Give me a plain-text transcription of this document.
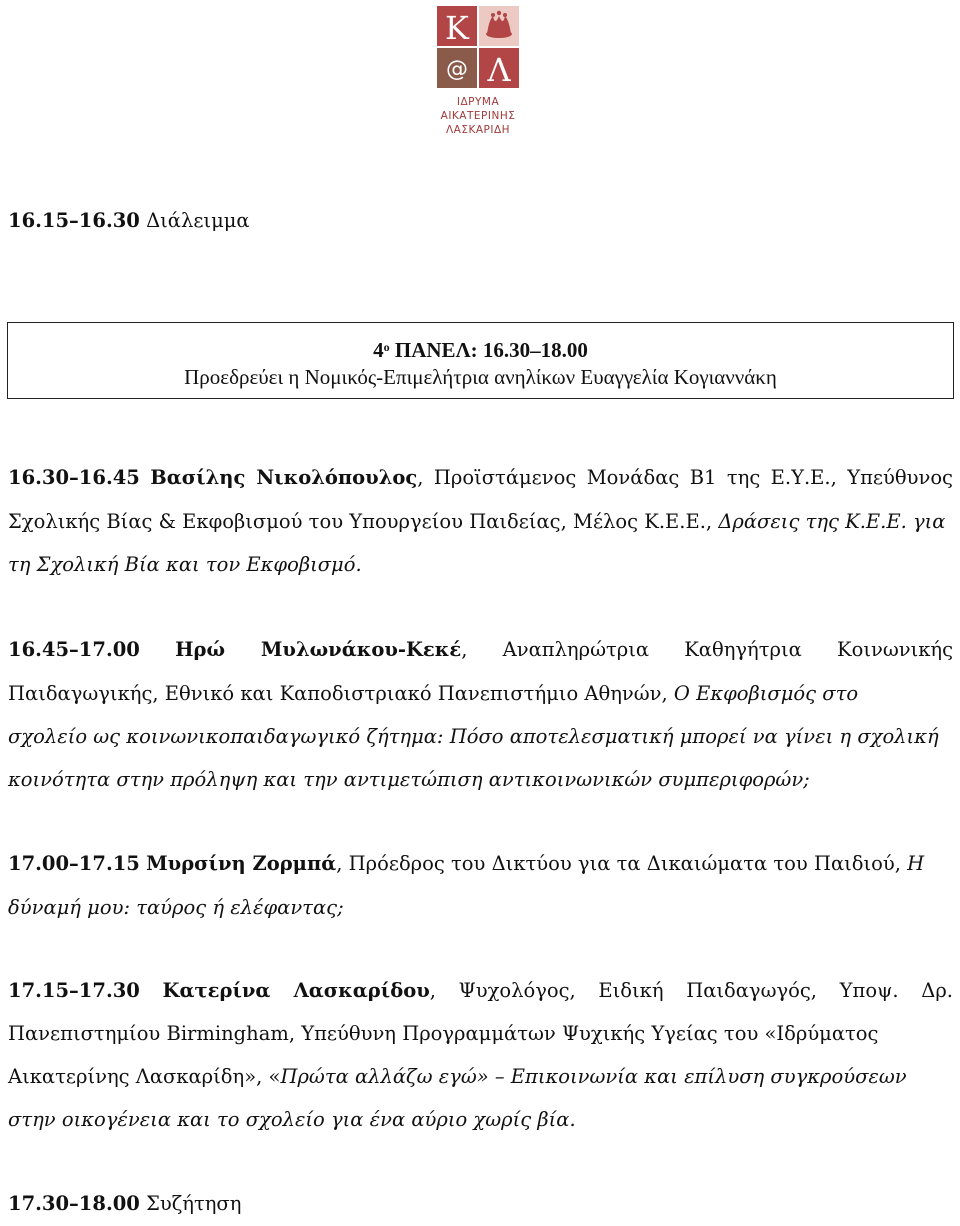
Κ
@ Λ
ΙΔΡΥΜΑ
ΑΙΚΑΤΕΡΙΝΗΣ
ΛΑΣΚΑΡΙΔΗ

16.15–16.30 Διάλειμμα

$4^o$ ΠΑΝΕΛ: 16.30–18.00
Προεδρεύει η Νομικός-Επιμελήτρια ανηλίκων Ευαγγελία Κογιαννάκη

16.30–16.45 Βασίλης Νικολόπουλος, Προϊστάμενος Μονάδας Β1 της Ε.Υ.Ε., Υπεύθυνος

Σχολικής Βίας & Εκφοβισμού του Υπουργείου Παιδείας, Μέλος Κ.Ε.Ε., Δράσεις της Κ.Ε.Ε. για

τη Σχολική Βία και τον Εκφοβισμό.

16.45–17.00 Ηρώ Μυλωνάκου-Κεκέ, Αναπληρώτρια Καθηγήτρια Κοινωνικής

Παιδαγωγικής, Εθνικό και Καποδιστριακό Πανεπιστήμιο Αθηνών, Ο Εκφοβισμός στο

σχολείο ως κοινωνικοπαιδαγωγικό ζήτημα: Πόσο αποτελεσματική μπορεί να γίνει η σχολική

κοινότητα στην πρόληψη και την αντιμετώπιση αντικοινωνικών συμπεριφορών;

17.00–17.15 Μυρσίνη Ζορμπά, Πρόεδρος του Δικτύου για τα Δικαιώματα του Παιδιού, Η

δύναμή μου: ταύρος ή ελέφαντας;

17.15–17.30 Κατερίνα Λασκαρίδου, Ψυχολόγος, Ειδική Παιδαγωγός, Υποψ. Δρ.

Πανεπιστημίου Birmingham, Υπεύθυνη Προγραμμάτων Ψυχικής Υγείας του «Ιδρύματος

Αικατερίνης Λασκαρίδη», «Πρώτα αλλάζω εγώ» – Επικοινωνία και επίλυση συγκρούσεων

στην οικογένεια και το σχολείο για ένα αύριο χωρίς βία.

17.30–18.00 Συζήτηση
